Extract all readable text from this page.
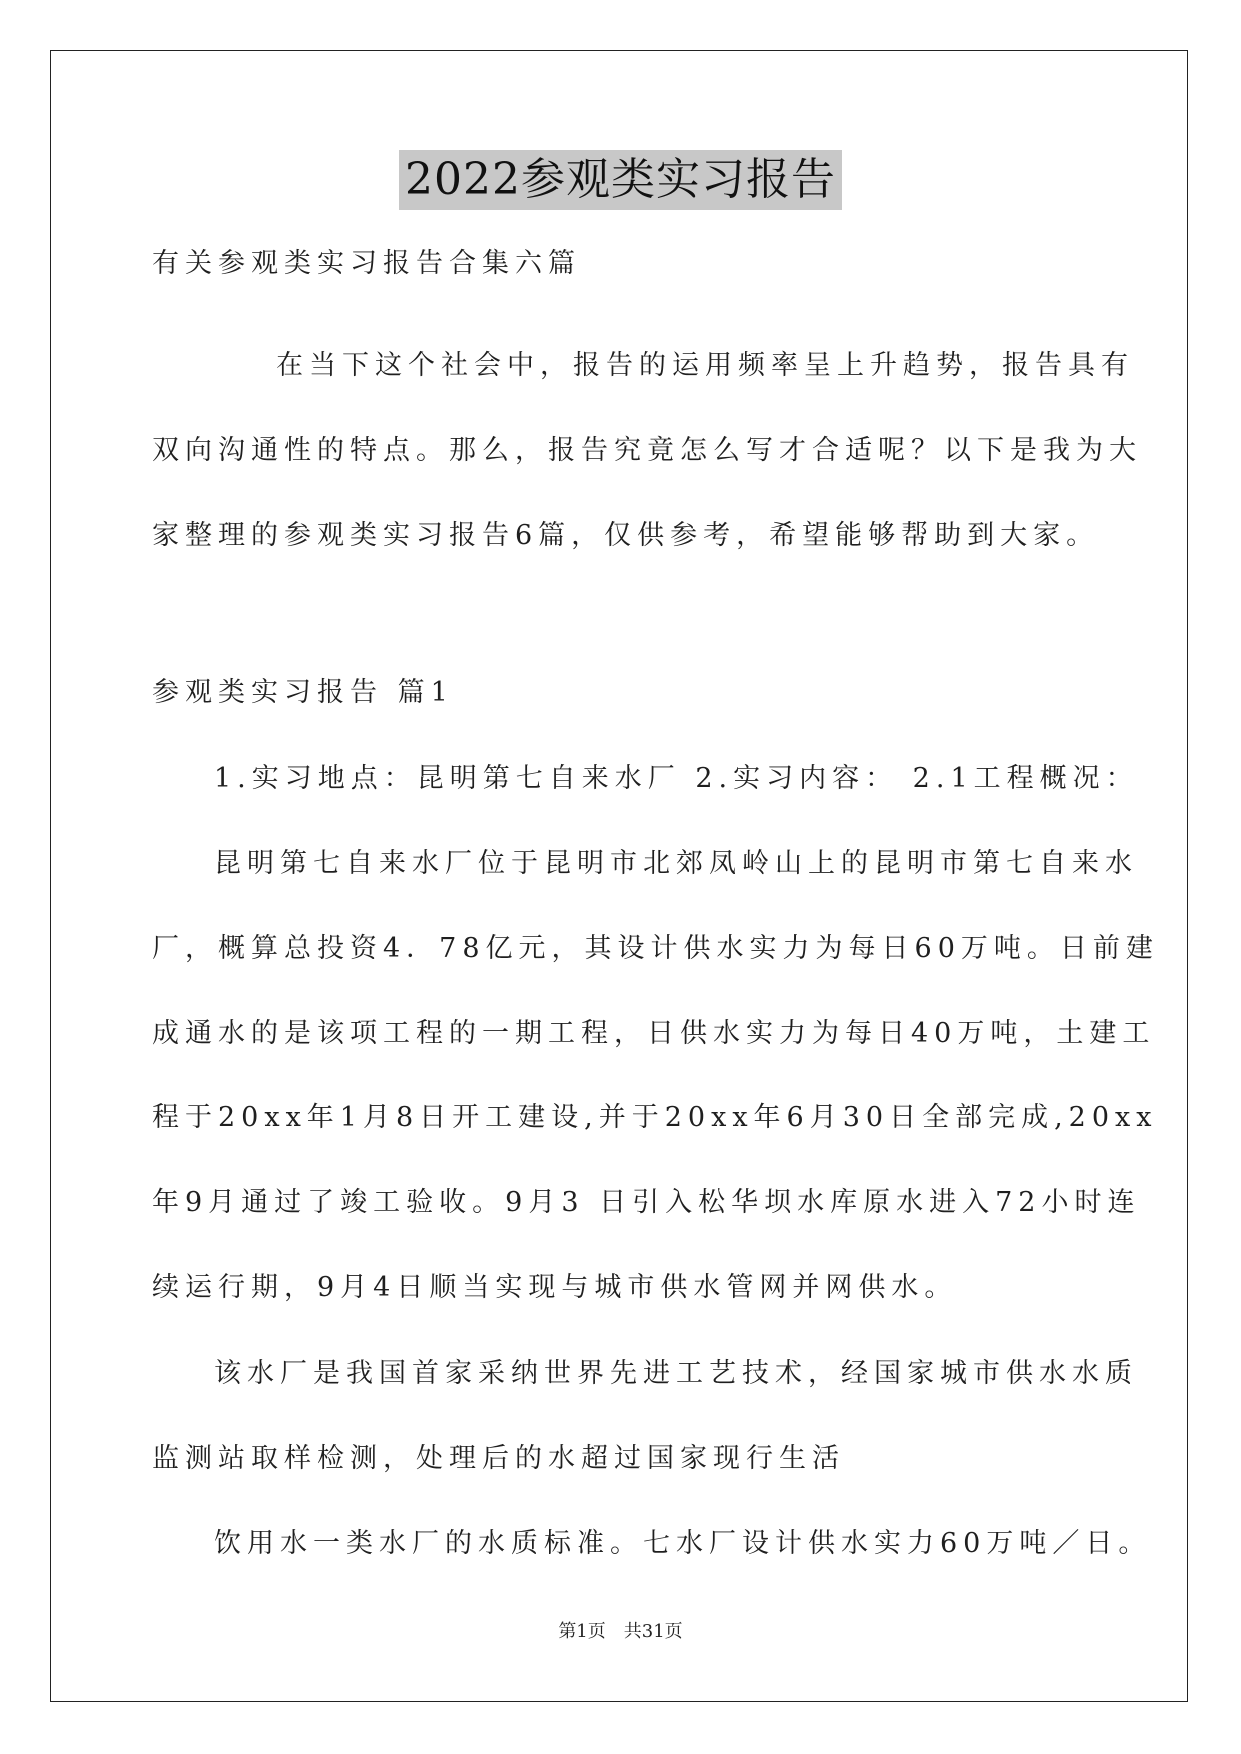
2022参观类实习报告
有关参观类实习报告合集六篇
在当下这个社会中，报告的运用频率呈上升趋势，报告具有
双向沟通性的特点。那么，报告究竟怎么写才合适呢？以下是我为大
家整理的参观类实习报告6篇，仅供参考，希望能够帮助到大家。
参观类实习报告 篇1
1.实习地点：昆明第七自来水厂 2.实习内容： 2.1工程概况：
昆明第七自来水厂位于昆明市北郊凤岭山上的昆明市第七自来水
厂，概算总投资4．78亿元，其设计供水实力为每日60万吨。日前建
成通水的是该项工程的一期工程，日供水实力为每日40万吨，土建工
程于20xx年1月8日开工建设,并于20xx年6月30日全部完成,20xx
年9月通过了竣工验收。9月3 日引入松华坝水库原水进入72小时连
续运行期，9月4日顺当实现与城市供水管网并网供水。
该水厂是我国首家采纳世界先进工艺技术，经国家城市供水水质
监测站取样检测，处理后的水超过国家现行生活
饮用水一类水厂的水质标准。七水厂设计供水实力60万吨／日。
第1页　共31页
